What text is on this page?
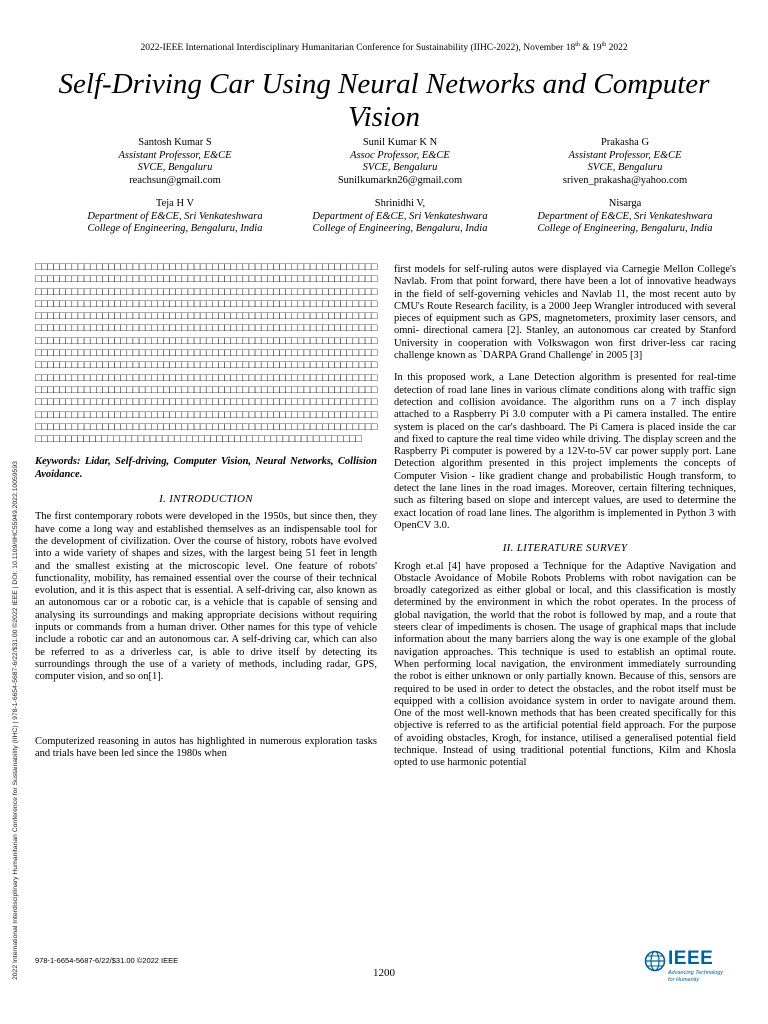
2022-IEEE International Interdisciplinary Humanitarian Conference for Sustainability (IIHC-2022), November 18th & 19th 2022
Self-Driving Car Using Neural Networks and Computer Vision
Santosh Kumar S
Assistant Professor, E&CE
SVCE, Bengaluru
reachsun@gmail.com
Sunil Kumar K N
Assoc Professor, E&CE
SVCE, Bengaluru
Sunilkumarkn26@gmail.com
Prakasha G
Assistant Professor, E&CE
SVCE, Bengaluru
sriven_prakasha@yahoo.com
Teja H V
Department of E&CE, Sri Venkateshwara
College of Engineering, Bengaluru, India
Shrinidhi V,
Department of E&CE, Sri Venkateshwara
College of Engineering, Bengaluru, India
Nisarga
Department of E&CE, Sri Venkateshwara
College of Engineering, Bengaluru, India
2022 International Interdisciplinary Humanitarian Conference for Sustainability (IIHC) | 978-1-6654-5687-6/22/$31.00 ©2022 IEEE | DOI: 10.1109/IIHC55949.2022.10059593

□□□□□□□□□□□□□□□□□□□□□□□□□□□□□□□□□□□□□□□□□□□□□□□□□□□□□□□□□□□□□□□□□□□□□□□□□□□□□□□□□□□□□□□□□□□□□□□□□□□□□□□□□□□□□□□□□□□□□□□□□□□□□□□□□□□□□□□□□□□□□□□□□□□□□□□□□□□□□□□□□□□□□□□□□□□□□□□□□□□□□□□□□□□□□□□□□□□□□□□□□□□□□□□□□□□□□□□□□□□□□□□□□□□□□□□□□□□□□□□□□□□□□□□□□□□□□□□□□□□□□□□□□□□□□□□□□□□□□□□□□□□□□□□□□□□□□□□□□□□□□□□□□□□□□□□□□□□□□□□□□□□□□□□□□□□□□□□□□□□□□□□□□□□□□□□□□□□□□□□□□□□□□□□□□□□□□□□□□□□□□□□□□□□□□□□□□□□□□□□□□□□□□□□□□□□□□□□□□□□□□□□□□□□□□□□□□□□□□□□□□□□□□□□□□□□□□□□□□□□□□□□□□□□□□□□□□□□□□□□□□□□□□□□□□□□□□□□□□□□□□□□□□□□□□□□□□□□□□□□□□□□□□□□□□□□□□□□□□□□□□□□□□□□□□□□□□□□□□□□□□□□□□□□□□□□□□□□□□□□□□□□□□□□□□□□□□□□□□□□□□□□□□□□□□□□□□□□□□□□□□□□□□□□□□□□□□□□□□□□□□□□□□□□□□□□□□□□□□□□□□□□□□□□□□□□□□□□□□□□□□□□□□□□□□□□□□□□□□□□□□□□□□□□□□□□□□□□□□□□□□□□□□□□□□□□□□□□□□□□□□□□□□□□□□□□□□□□□□□□□□□□□□□□□□□□□□□□□□□□□□□□□□□□□□□□□□□□□□□□□□□□□□□□□□□□□□□□□□□□□□□□□□□□□□□□□□□□□□□

Keywords: Lidar, Self-driving, Computer Vision, Neural Networks, Collision Avoidance.

I. INTRODUCTION

The first contemporary robots were developed in the 1950s, but since then, they have come a long way and established themselves as an indispensable tool for the development of civilization. Over the course of history, robots have evolved into a wide variety of shapes and sizes, with the largest being 51 feet in length and the smallest existing at the microscopic level. One feature of robots' functionality, mobility, has remained essential over the course of their technical evolution, and it is this aspect that is essential. A self-driving car, also known as an autonomous car or a robotic car, is a vehicle that is capable of sensing and analysing its surroundings and making appropriate decisions without requiring inputs or commands from a human driver. Other names for this type of vehicle include a robotic car and an autonomous car. A self-driving car, which can also be referred to as a driverless car, is able to drive itself by detecting its surroundings through the use of a variety of methods, including radar, GPS, computer vision, and so on[1].

Computerized reasoning in autos has highlighted in numerous exploration tasks and trials have been led since the 1980s when

first models for self-ruling autos were displayed via Carnegie Mellon College's Navlab. From that point forward, there have been a lot of innovative headways in the field of self-governing vehicles and Navlab 11, the most recent auto by CMU's Route Research facility, is a 2000 Jeep Wrangler introduced with several pieces of equipment such as GPS, magnetometers, proximity laser censors, and omni- directional camera [2]. Stanley, an autonomous car created by Stanford University in cooperation with Volkswagon won first driver-less car racing challenge known as `DARPA Grand Challenge' in 2005 [3]

In this proposed work, a Lane Detection algorithm is presented for real-time detection of road lane lines in various climate conditions along with traffic sign detection and collision avoidance. The algorithm runs on a 7 inch display attached to a Raspberry Pi 3.0 computer with a Pi camera installed. The entire system is placed on the car's dashboard. The Pi Camera is placed inside the car and fixed to capture the real time video while driving. The display screen and the Raspberry Pi computer is powered by a 12V-to-5V car power supply port. Lane Detection algorithm presented in this project implements the concepts of Computer Vision - like gradient change and probabilistic Hough transform, to detect the lane lines in the road images. Moreover, certain filtering techniques, such as filtering based on slope and intercept values, are used to determine the exact location of road lane lines. The algorithm is implemented in Python 3 with OpenCV 3.0.

II. LITERATURE SURVEY

Krogh et.al [4] have proposed a Technique for the Adaptive Navigation and Obstacle Avoidance of Mobile Robots Problems with robot navigation can be broadly categorized as either global or local, and this classification is mostly determined by the environment in which the robot operates. In the process of global navigation, the world that the robot is followed by map, and a route that steers clear of impediments is chosen. The usage of graphical maps that include information about the many barriers along the way is one example of the global navigation approaches. This technique is used to establish an optimal route. When performing local navigation, the environment immediately surrounding the robot is either unknown or only partially known. Because of this, sensors are required to be used in order to detect the obstacles, and the robot itself must be equipped with a collision avoidance system in order to navigate around them. One of the most well-known methods that has been created specifically for this objective is referred to as the artificial potential field approach. For the purpose of avoiding obstacles, Krogh, for instance, utilised a generalised potential field technique. Instead of using traditional potential functions, Kilm and Khosla opted to use harmonic potential

978-1-6654-5687-6/22/$31.00 ©2022 IEEE
1200
IEEE
Advancing Technology
for Humanity
